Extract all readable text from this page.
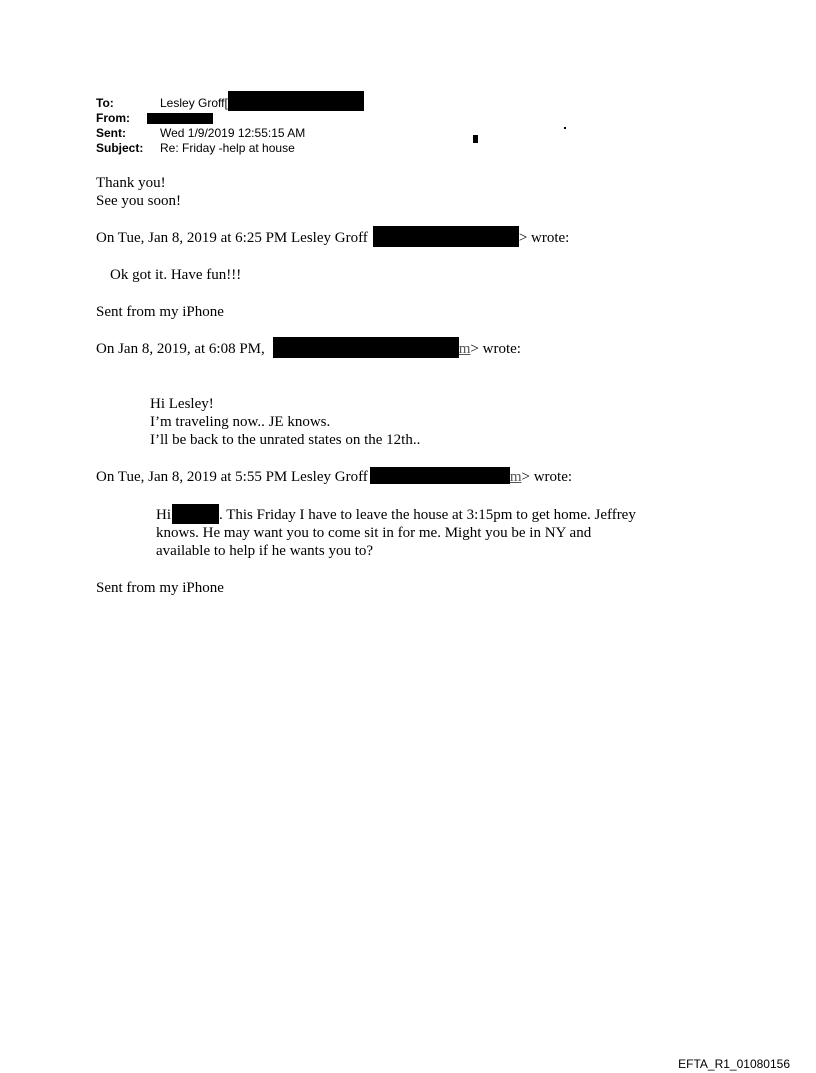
To:	Lesley Groff[
From:
Sent:	Wed 1/9/2019 12:55:15 AM
Subject: Re: Friday -help at house
Thank you!
See you soon!
On Tue, Jan 8, 2019 at 6:25 PM Lesley Groff	> wrote:
Ok got it. Have fun!!!
Sent from my iPhone
On Jan 8, 2019, at 6:08 PM,	m> wrote:
Hi Lesley!
I’m traveling now.. JE knows.
I’ll be back to the unrated states on the 12th..
On Tue, Jan 8, 2019 at 5:55 PM Lesley Groff	m> wrote:
Hi	. This Friday I have to leave the house at 3:15pm to get home. Jeffrey
knows. He may want you to come sit in for me. Might you be in NY and
available to help if he wants you to?
Sent from my iPhone
EFTA_R1_01080156
